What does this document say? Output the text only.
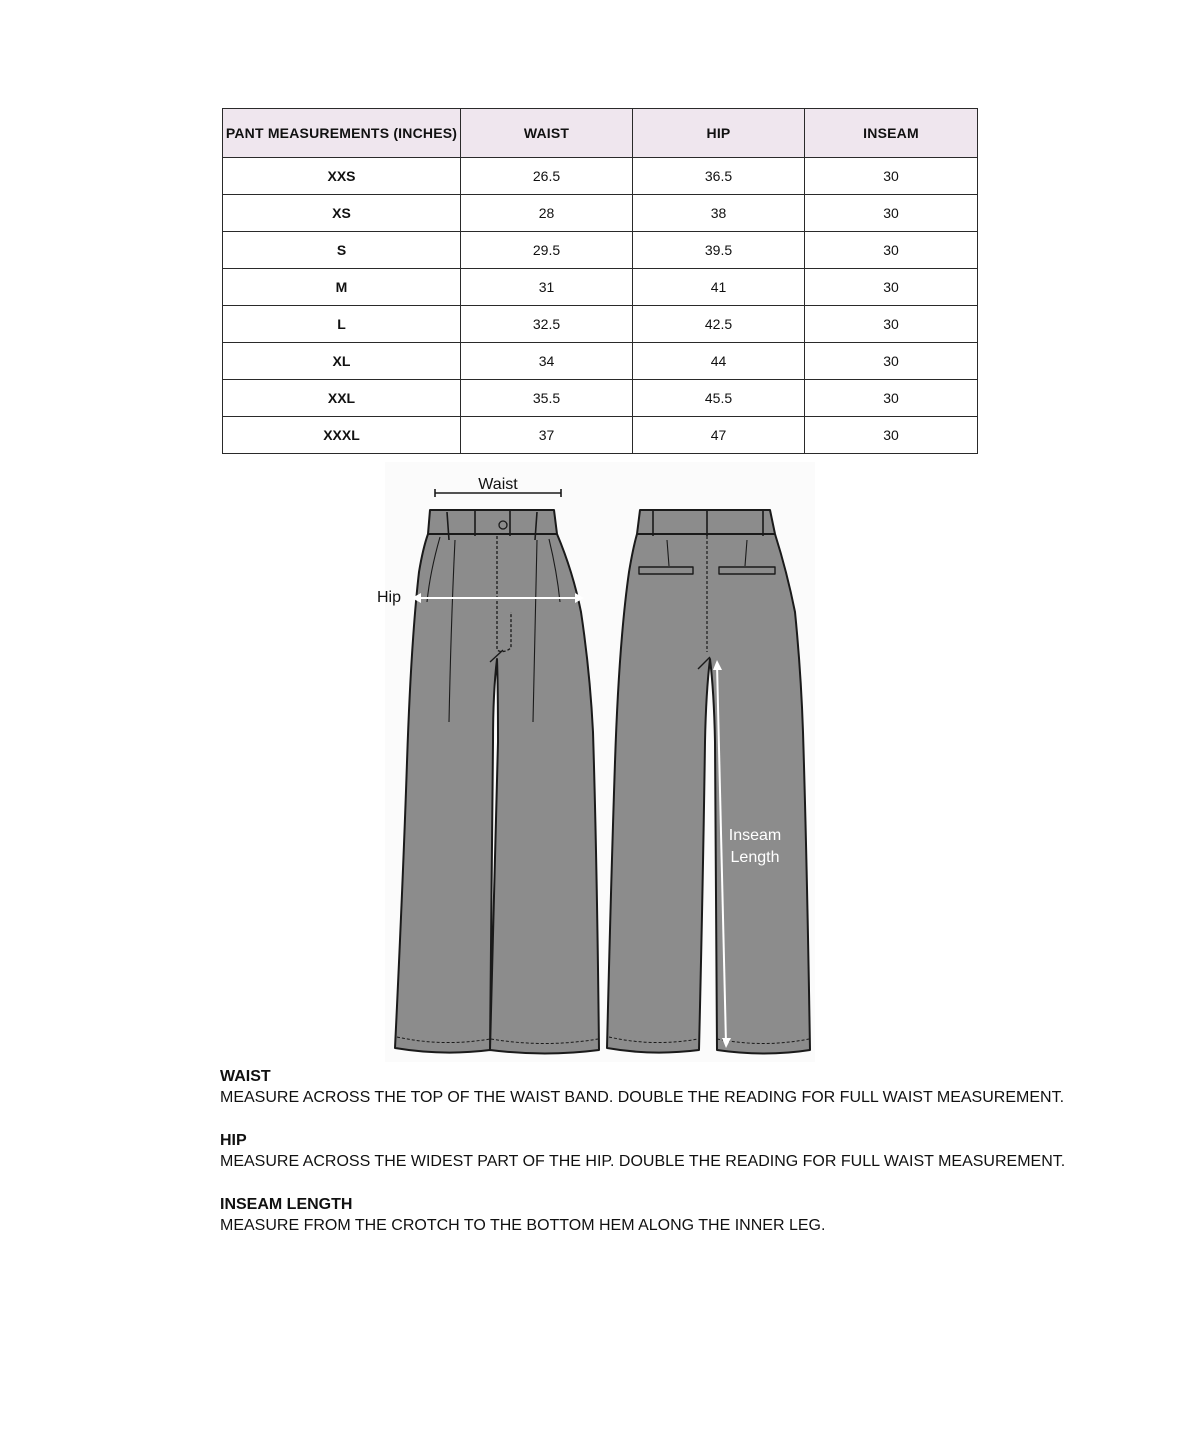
PANT MEASUREMENTS (INCHES)	WAIST	HIP	INSEAM
XXS	26.5	36.5	30
XS	28	38	30
S	29.5	39.5	30
M	31	41	30
L	32.5	42.5	30
XL	34	44	30
XXL	35.5	45.5	30
XXXL	37	47	30
Waist
Hip
Inseam
Length
WAIST
MEASURE ACROSS THE TOP OF THE WAIST BAND. DOUBLE THE READING FOR FULL WAIST MEASUREMENT.
HIP
MEASURE ACROSS THE WIDEST PART OF THE HIP. DOUBLE THE READING FOR FULL WAIST MEASUREMENT.
INSEAM LENGTH
MEASURE FROM THE CROTCH TO THE BOTTOM HEM ALONG THE INNER LEG.
